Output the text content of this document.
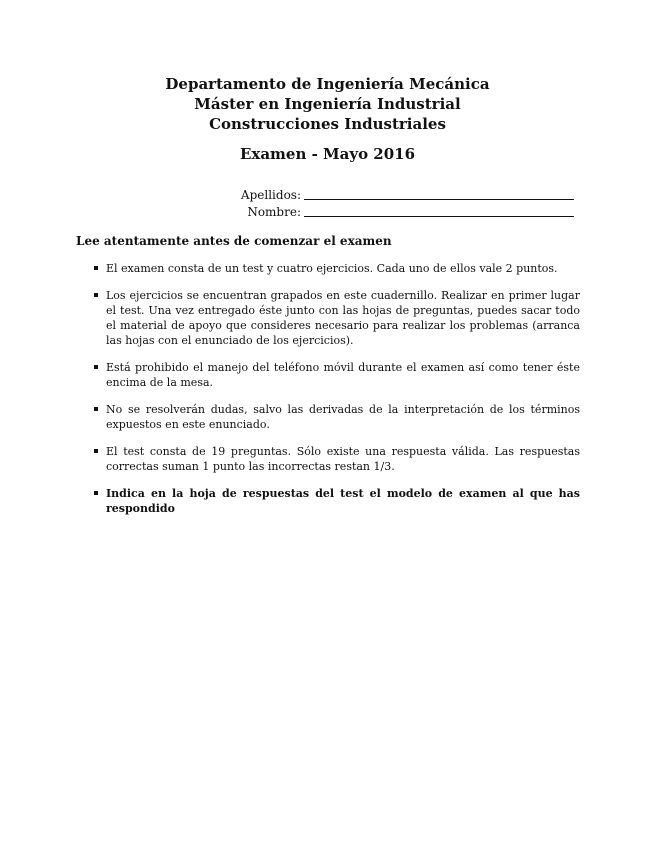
Departamento de Ingeniería Mecánica
Máster en Ingeniería Industrial
Construcciones Industriales
Examen - Mayo 2016
Apellidos:
Nombre:
Lee atentamente antes de comenzar el examen
El examen consta de un test y cuatro ejercicios. Cada uno de ellos vale 2 puntos.
Los ejercicios se encuentran grapados en este cuadernillo. Realizar en primer lugar el test. Una vez entregado éste junto con las hojas de preguntas, puedes sacar todo el material de apoyo que consideres necesario para realizar los problemas (arranca las hojas con el enunciado de los ejercicios).
Está prohibido el manejo del teléfono móvil durante el examen así como tener éste encima de la mesa.
No se resolverán dudas, salvo las derivadas de la interpretación de los términos expuestos en este enunciado.
El test consta de 19 preguntas. Sólo existe una respuesta válida. Las respuestas correctas suman 1 punto las incorrectas restan 1/3.
Indica en la hoja de respuestas del test el modelo de examen al que has respondido
